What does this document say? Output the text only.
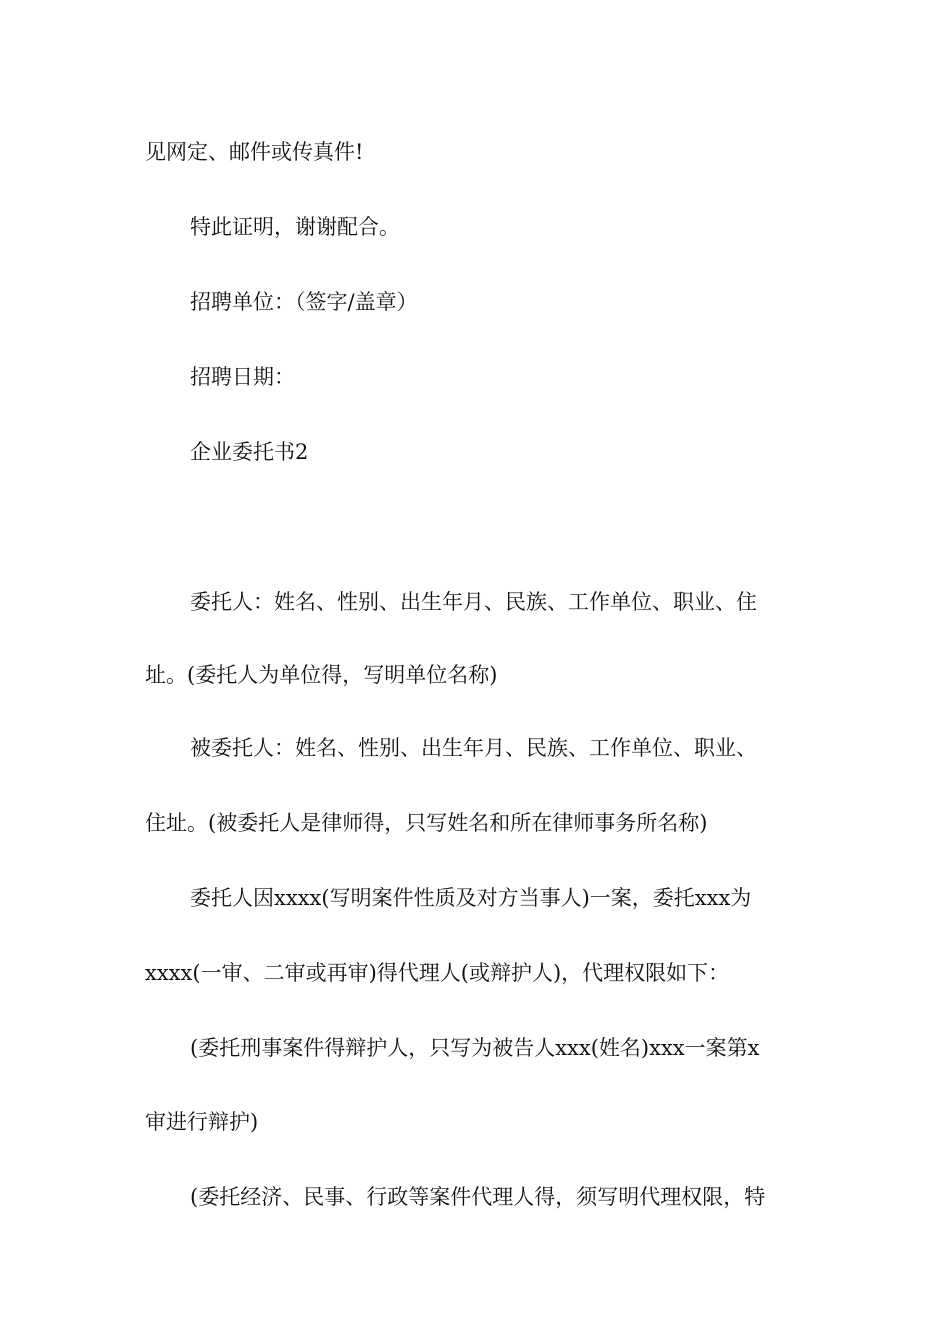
见网定、邮件或传真件!
特此证明，谢谢配合。
招聘单位：（签字/盖章）
招聘日期：
企业委托书2
委托人：姓名、性别、出生年月、民族、工作单位、职业、住
址。(委托人为单位得，写明单位名称)
被委托人：姓名、性别、出生年月、民族、工作单位、职业、
住址。(被委托人是律师得，只写姓名和所在律师事务所名称)
委托人因xxxx(写明案件性质及对方当事人)一案，委托xxx为
xxxx(一审、二审或再审)得代理人(或辩护人)，代理权限如下：
(委托刑事案件得辩护人，只写为被告人xxx(姓名)xxx一案第x
审进行辩护)
(委托经济、民事、行政等案件代理人得，须写明代理权限，特
